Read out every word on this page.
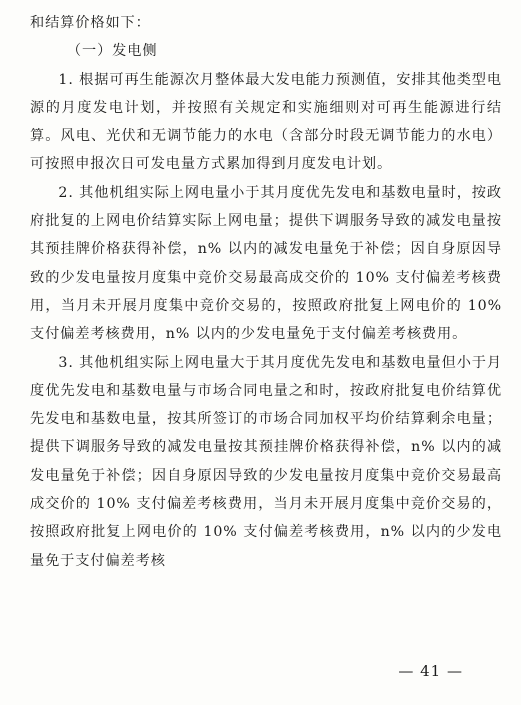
和结算价格如下：

（一）发电侧

1. 根据可再生能源次月整体最大发电能力预测值，安排其他类型电源的月度发电计划，并按照有关规定和实施细则对可再生能源进行结算。风电、光伏和无调节能力的水电（含部分时段无调节能力的水电）可按照申报次日可发电量方式累加得到月度发电计划。

2. 其他机组实际上网电量小于其月度优先发电和基数电量时，按政府批复的上网电价结算实际上网电量；提供下调服务导致的减发电量按其预挂牌价格获得补偿，n% 以内的减发电量免于补偿；因自身原因导致的少发电量按月度集中竞价交易最高成交价的 10% 支付偏差考核费用，当月未开展月度集中竞价交易的，按照政府批复上网电价的 10% 支付偏差考核费用，n% 以内的少发电量免于支付偏差考核费用。

3. 其他机组实际上网电量大于其月度优先发电和基数电量但小于月度优先发电和基数电量与市场合同电量之和时，按政府批复电价结算优先发电和基数电量，按其所签订的市场合同加权平均价结算剩余电量；提供下调服务导致的减发电量按其预挂牌价格获得补偿，n% 以内的减发电量免于补偿；因自身原因导致的少发电量按月度集中竞价交易最高成交价的 10% 支付偏差考核费用，当月未开展月度集中竞价交易的，按照政府批复上网电价的 10% 支付偏差考核费用，n% 以内的少发电量免于支付偏差考核

— 41 —
